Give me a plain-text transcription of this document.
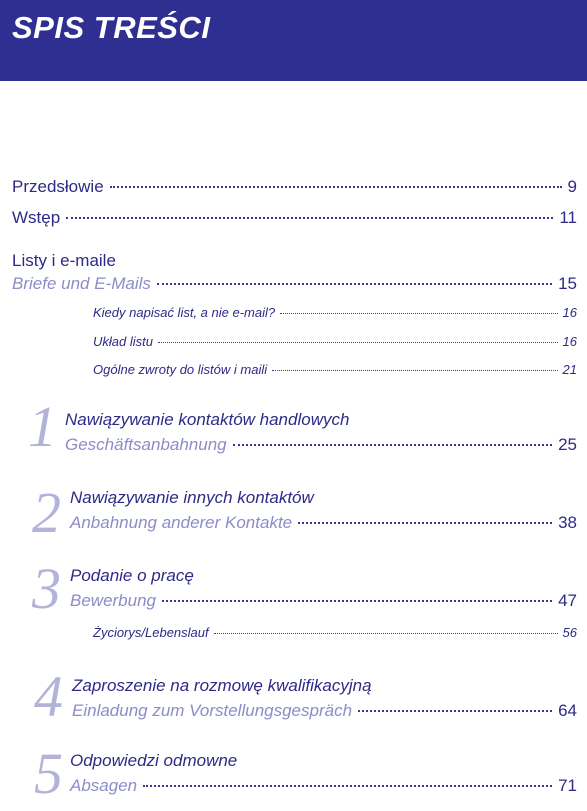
SPIS TREŚCI
Przedsłowie	9
Wstęp	11
Listy i e-maile
Briefe und E-Mails	15
Kiedy napisać list, a nie e-mail?	16
Układ listu	16
Ogólne zwroty do listów i maili	21
1 Nawiązywanie kontaktów handlowych
Geschäftsanbahnung	25
2 Nawiązywanie innych kontaktów
Anbahnung anderer Kontakte	38
3 Podanie o pracę
Bewerbung	47
Życiorys/Lebenslauf	56
4 Zaproszenie na rozmowę kwalifikacyjną
Einladung zum Vorstellungsgespräch	64
5 Odpowiedzi odmowne
Absagen	71
